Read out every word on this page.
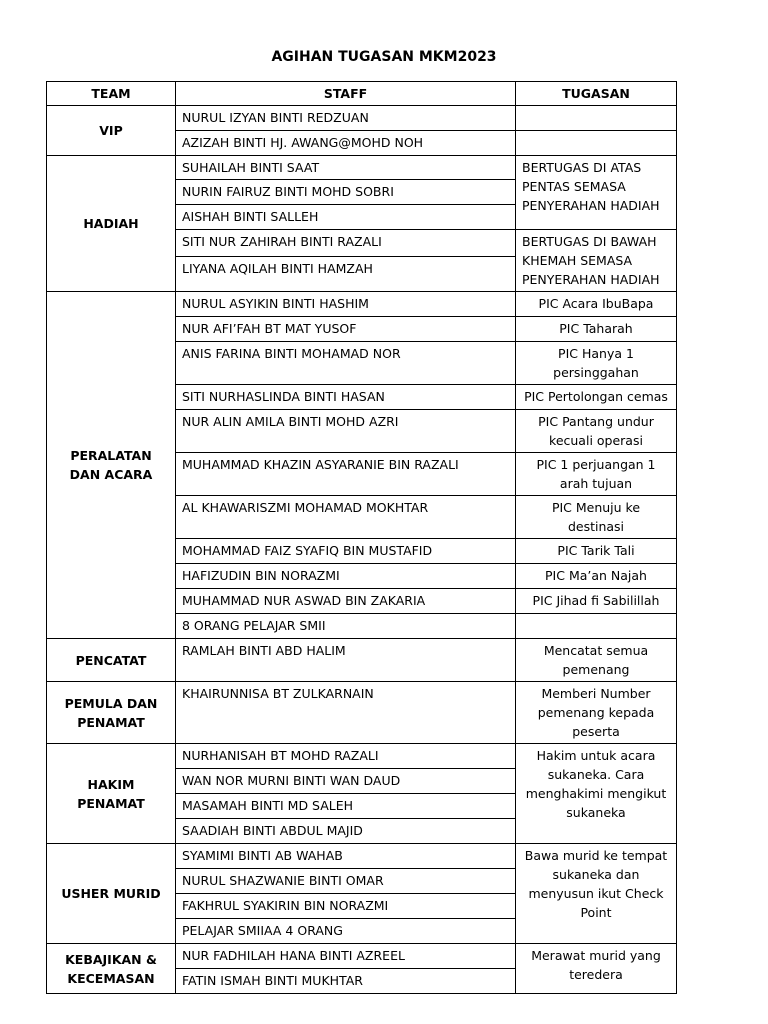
AGIHAN TUGASAN MKM2023
TEAM	STAFF	TUGASAN
VIP	NURUL IZYAN BINTI REDZUAN	
	AZIZAH BINTI HJ. AWANG@MOHD NOH	
HADIAH	SUHAILAH BINTI SAAT	BERTUGAS DI ATAS PENTAS SEMASA PENYERAHAN HADIAH
	NURIN FAIRUZ BINTI MOHD SOBRI	
	AISHAH BINTI SALLEH	
	SITI NUR ZAHIRAH BINTI RAZALI	BERTUGAS DI BAWAH KHEMAH SEMASA PENYERAHAN HADIAH
	LIYANA AQILAH BINTI HAMZAH	
PERALATAN DAN ACARA	NURUL ASYIKIN BINTI HASHIM	PIC Acara IbuBapa
	NUR AFI’FAH BT MAT YUSOF	PIC Taharah
	ANIS FARINA BINTI MOHAMAD NOR	PIC Hanya 1 persinggahan
	SITI NURHASLINDA BINTI HASAN	PIC Pertolongan cemas
	NUR ALIN AMILA BINTI MOHD AZRI	PIC Pantang undur kecuali operasi
	MUHAMMAD KHAZIN ASYARANIE BIN RAZALI	PIC 1 perjuangan 1 arah tujuan
	AL KHAWARISZMI MOHAMAD MOKHTAR	PIC Menuju ke destinasi
	MOHAMMAD FAIZ SYAFIQ BIN MUSTAFID	PIC Tarik Tali
	HAFIZUDIN BIN NORAZMI	PIC Ma’an Najah
	MUHAMMAD NUR ASWAD BIN ZAKARIA	PIC Jihad fi Sabilillah
	8 ORANG PELAJAR SMII	
PENCATAT	RAMLAH BINTI ABD HALIM	Mencatat semua pemenang
PEMULA DAN PENAMAT	KHAIRUNNISA BT ZULKARNAIN	Memberi Number pemenang kepada peserta
HAKIM PENAMAT	NURHANISAH BT MOHD RAZALI	Hakim untuk acara sukaneka. Cara menghakimi mengikut sukaneka
	WAN NOR MURNI BINTI WAN DAUD	
	MASAMAH BINTI MD SALEH	
	SAADIAH BINTI ABDUL MAJID	
USHER MURID	SYAMIMI BINTI AB WAHAB	Bawa murid ke tempat sukaneka dan menyusun ikut Check Point
	NURUL SHAZWANIE BINTI OMAR	
	FAKHRUL SYAKIRIN BIN NORAZMI	
	PELAJAR SMIIAA 4 ORANG	
KEBAJIKAN & KECEMASAN	NUR FADHILAH HANA BINTI AZREEL	Merawat murid yang teredera
	FATIN ISMAH BINTI MUKHTAR	
